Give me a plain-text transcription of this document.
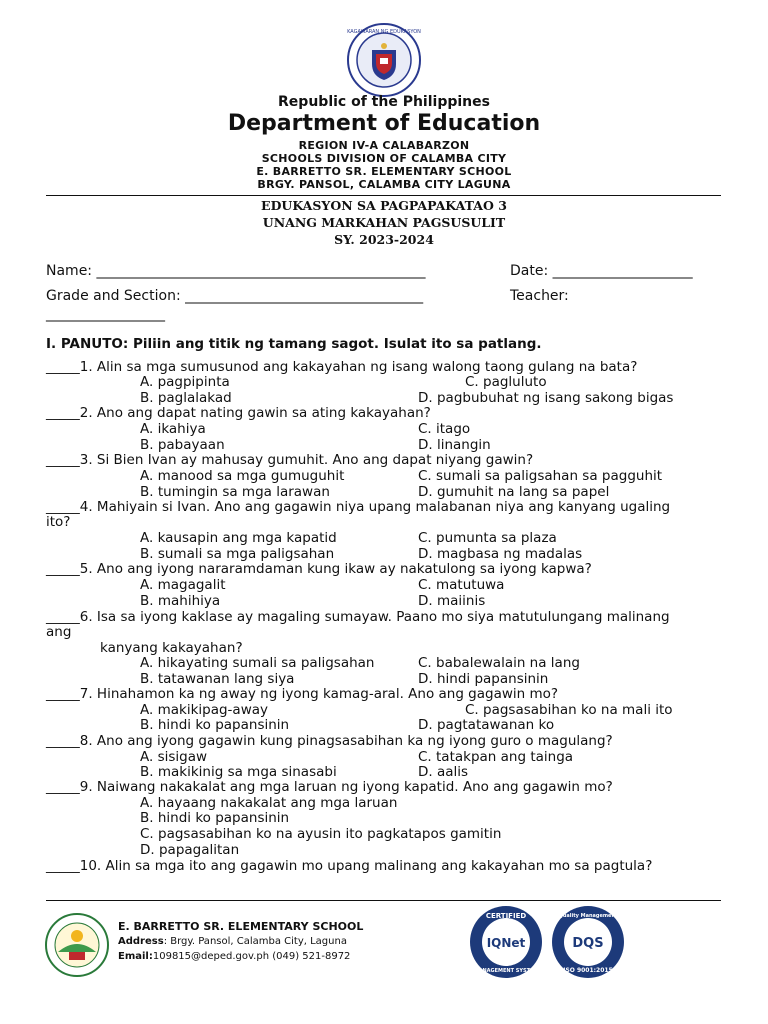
KAGAWARAN NG EDUKASYON
Republic of the Philippines
Department of Education
REGION IV-A CALABARZON
SCHOOLS DIVISION OF CALAMBA CITY
E. BARRETTO SR. ELEMENTARY SCHOOL
BRGY. PANSOL, CALAMBA CITY LAGUNA
EDUKASYON SA PAGPAPAKATAO 3
UNANG MARKAHAN PAGSUSULIT
SY. 2023-2024
Name: _______________________________________________	Date: ____________________
Grade and Section: __________________________________	Teacher:
_________________
I. PANUTO: Piliin ang titik ng tamang sagot. Isulat ito sa patlang.
_____1. Alin sa mga sumusunod ang kakayahan ng isang walong taong gulang na bata?
A. pagpipinta	C. pagluluto
B. paglalakad	D. pagbubuhat ng isang sakong bigas
_____2. Ano ang dapat nating gawin sa ating kakayahan?
A. ikahiya	C. itago
B. pabayaan	D. linangin
_____3. Si Bien Ivan ay mahusay gumuhit. Ano ang dapat niyang gawin?
A. manood sa mga gumuguhit	C. sumali sa paligsahan sa pagguhit
B. tumingin sa mga larawan	D. gumuhit na lang sa papel
_____4. Mahiyain si Ivan. Ano ang gagawin niya upang malabanan niya ang kanyang ugaling
ito?
A. kausapin ang mga kapatid	C. pumunta sa plaza
B. sumali sa mga paligsahan	D. magbasa ng madalas
_____5. Ano ang iyong nararamdaman kung ikaw ay nakatulong sa iyong kapwa?
A. magagalit	C. matutuwa
B. mahihiya	D. maiinis
_____6. Isa sa iyong kaklase ay magaling sumayaw. Paano mo siya matutulungang malinang
ang
kanyang kakayahan?
A. hikayating sumali sa paligsahan	C. babalewalain na lang
B. tatawanan lang siya	D. hindi papansinin
_____7. Hinahamon ka ng away ng iyong kamag-aral. Ano ang gagawin mo?
A. makikipag-away	C. pagsasabihan ko na mali ito
B. hindi ko papansinin	D. pagtatawanan ko
_____8. Ano ang iyong gagawin kung pinagsasabihan ka ng iyong guro o magulang?
A. sisigaw	C. tatakpan ang tainga
B. makikinig sa mga sinasabi	D. aalis
_____9. Naiwang nakakalat ang mga laruan ng iyong kapatid. Ano ang gagawin mo?
A. hayaang nakakalat ang mga laruan
B. hindi ko papansinin
C. pagsasabihan ko na ayusin ito pagkatapos gamitin
D. papagalitan
_____10. Alin sa mga ito ang gagawin mo upang malinang ang kakayahan mo sa pagtula?
E. BARRETTO SR. ELEMENTARY SCHOOL
Address: Brgy. Pansol, Calamba City, Laguna
Email:109815@deped.gov.ph (049) 521-8972
CERTIFIED
IQNet
MANAGEMENT SYSTEM
Quality Management
DQS
ISO 9001:2015
